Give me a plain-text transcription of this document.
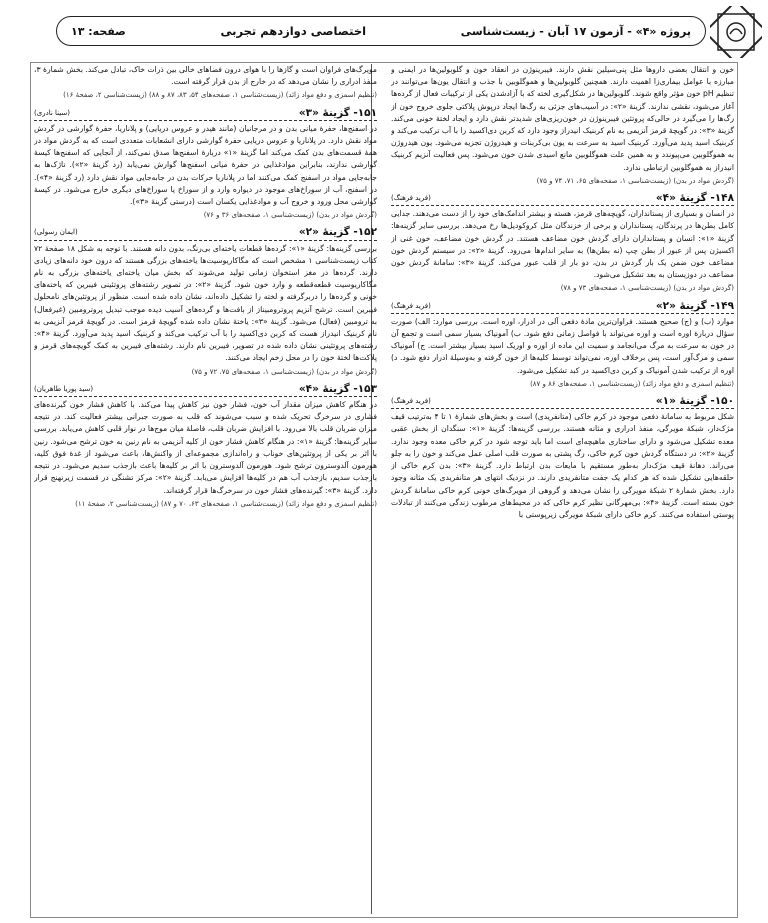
پروژه «۴» - آزمون ۱۷ آبان - زیست‌شناسی
اختصاصی دوازدهم تجربی
صفحه: ۱۳

خون و انتقال بعضی داروها مثل پنی‌سیلین نقش دارند. فیبرینوژن در انعقاد خون و گلوبولین‌ها در ایمنی و مبارزه با عوامل بیماری‌زا اهمیت دارند. همچنین گلوبولین‌ها و هموگلوبین با جذب و انتقال یون‌ها می‌توانند در تنظیم pH خون مؤثر واقع شوند. گلوبولین‌ها در شکل‌گیری لخته که با آزادشدن یکی از ترکیبات فعال از گرده‌ها آغاز می‌شود، نقشی ندارند. گزینهٔ «۲»: در آسیب‌های جزئی به رگ‌ها ایجاد درپوش پلاکتی جلوی خروج خون از رگ‌ها را می‌گیرد در حالی‌که پروتئین فیبرینوژن در خون‌ریزی‌های شدیدتر نقش دارد و ایجاد لختهٔ خونی می‌کند. گزینهٔ «۳»: در گویچهٔ قرمز آنزیمی به نام کربنیک انیدراز وجود دارد که کربن دی‌اکسید را با آب ترکیب می‌کند و کربنیک اسید پدید می‌آورد. کربنیک اسید به سرعت به یون بی‌کربنات و هیدروژن تجزیه می‌شود. یون هیدروژن به هموگلوبین می‌پیوندد و به همین علت هموگلوبین مانع اسیدی شدن خون می‌شود. پس فعالیت آنزیم کربنیک انیدراز به هموگلوبین ارتباطی ندارد.

(گردش مواد در بدن) (زیست‌شناسی ۱، صفحه‌های ۶۵، ۷۱، ۷۴ و ۷۵)
۱۴۸- گزینهٔ «۴»
(فرید فرهنگ)

در انسان و بسیاری از پستانداران، گویچه‌های قرمز، هسته و بیشتر اندامک‌های خود را از دست می‌دهند. جدایی کامل بطن‌ها در پرندگان، پستانداران و برخی از خزندگان مثل کروکودیل‌ها رخ می‌دهد. بررسی سایر گزینه‌ها: گزینهٔ «۱»: انسان و پستانداران دارای گردش خون مضاعف هستند. در گردش خون مضاعف، خون غنی از اکسیژن پس از عبور از بطن چپ (نه بطن‌ها) به سایر اندام‌ها می‌رود. گزینهٔ «۲»: در سیستم گردش خون مضاعف خون ضمن یک بار گردش در بدن، دو بار از قلب عبور می‌کند. گزینهٔ «۳»: سامانهٔ گردش خون مضاعف در دوزیستان به بعد تشکیل می‌شود.

(گردش مواد در بدن) (زیست‌شناسی ۱، صفحه‌های ۷۳ و ۷۸)
۱۴۹- گزینهٔ «۲»
(فرید فرهنگ)

موارد (ب) و (ج) صحیح هستند. فراوان‌ترین مادهٔ دفعی آلی در ادرار، اوره است. بررسی موارد: الف) صورت سؤال دربارهٔ اوره است و اوره می‌تواند با فواصل زمانی دفع شود. ب) آمونیاک بسیار سمی است و تجمع آن در خون به سرعت به مرگ می‌انجامد و سمیت این ماده از اوره و اوریک اسید بسیار بیشتر است. ج) آمونیاک سمی و مرگ‌آور است، پس برخلاف اوره، نمی‌تواند توسط کلیه‌ها از خون گرفته و به‌وسیلهٔ ادرار دفع شود. د) اوره از ترکیب شدن آمونیاک و کربن دی‌اکسید در کبد تشکیل می‌شود.

(تنظیم اسمزی و دفع مواد زائد) (زیست‌شناسی ۱، صفحه‌های ۸۶ و ۸۷)
۱۵۰- گزینهٔ «۱»
(فرید فرهنگ)

شکل مربوط به سامانهٔ دفعی موجود در کرم خاکی (متانفریدی) است و بخش‌های شمارهٔ ۱ تا ۴ به‌ترتیب قیف مژک‌دار، شبکهٔ مویرگی، منفذ ادراری و مثانه هستند. بررسی گزینه‌ها: گزینهٔ «۱»: سنگدان از بخش عقبی معده تشکیل می‌شود و دارای ساختاری ماهیچه‌ای است اما باید توجه شود در کرم خاکی معده وجود ندارد. گزینهٔ «۲»: در دستگاه گردش خون کرم خاکی، رگ پشتی به صورت قلب اصلی عمل می‌کند و خون را به جلو می‌راند. دهانهٔ قیف مژک‌دار به‌طور مستقیم با مایعات بدن ارتباط دارد. گزینهٔ «۳»: بدن کرم خاکی از حلقه‌هایی تشکیل شده که هر کدام یک جفت متانفریدی دارند. در نزدیک انتهای هر متانفریدی یک مثانه وجود دارد. بخش شمارهٔ ۲ شبکهٔ مویرگی را نشان می‌دهد و گروهی از مویرگ‌های خونی کرم خاکی سامانهٔ گردش خون بسته است. گزینهٔ «۴»: بی‌مهرگانی نظیر کرم خاکی که در محیط‌های مرطوب زندگی می‌کنند از تبادلات پوستی استفاده می‌کنند. کرم خاکی دارای شبکهٔ مویرگی زیرپوستی با

مویرگ‌های فراوان است و گازها را با هوای درون فضاهای خالی بین ذرات خاک، تبادل می‌کند. بخش شمارهٔ ۳، منفذ ادراری را نشان می‌دهد که در خارج از بدن قرار گرفته است.

(تنظیم اسمزی و دفع مواد زائد) (زیست‌شناسی ۱، صفحه‌های ۵۴، ۸۳، ۸۷ و ۸۸) (زیست‌شناسی ۲، صفحهٔ ۱۶)
۱۵۱- گزینهٔ «۳»
(سینا نادری)

در اسفنج‌ها، حفرهٔ میانی بدن و در مرجانیان (مانند هیدر و عروس دریایی) و پلاناریا، حفرهٔ گوارشی در گردش مواد نقش دارد. در پلاناریا و عروس دریایی حفرهٔ گوارشی دارای انشعابات متعددی است که به گردش مواد در همهٔ قسمت‌های بدن کمک می‌کند اما گزینهٔ «۱» دربارهٔ اسفنج‌ها صدق نمی‌کند، از آنجایی که اسفنج‌ها کیسهٔ گوارشی ندارند، بنابراین موادغذایی در حفرهٔ میانی اسفنج‌ها گوارش نمی‌یابد (رد گزینهٔ «۲»). تاژک‌ها به جابه‌جایی مواد در اسفنج کمک می‌کنند اما در پلاناریا حرکات بدن در جابه‌جایی مواد نقش دارد (رد گزینهٔ «۴»). در اسفنج، آب از سوراخ‌های موجود در دیواره وارد و از سوراخ یا سوراخ‌های دیگری خارج می‌شود. در کیسهٔ گوارشی محل ورود و خروج آب و موادغذایی یکسان است (درستی گزینهٔ «۳»).

(گردش مواد در بدن) (زیست‌شناسی ۱، صفحه‌های ۳۶ و ۷۶)
۱۵۲- گزینهٔ «۲»
(ایمان رسولی)

بررسی گزینه‌ها: گزینهٔ «۱»: گرده‌ها قطعات یاخته‌ای بی‌رنگ، بدون دانه هستند. با توجه به شکل ۱۸ صفحهٔ ۷۲ کتاب زیست‌شناسی ۱ مشخص است که مگاکاریوسیت‌ها یاخته‌های بزرگی هستند که درون خود دانه‌های زیادی دارند. گرده‌ها در مغز استخوان زمانی تولید می‌شوند که بخش میان یاخته‌ای یاخته‌های بزرگی به نام مگاکاریوسیت قطعه‌قطعه و وارد خون شود. گزینهٔ «۲»: در تصویر رشته‌های پروتئینی فیبرین که یاخته‌های خونی و گرده‌ها را دربرگرفته و لخته را تشکیل داده‌اند، نشان داده شده است. منظور از پروتئین‌های نامحلول فیبرین است. ترشح آنزیم پروترومبیناز از بافت‌ها و گرده‌های آسیب دیده موجب تبدیل پروترومبین (غیرفعال) به ترومبین (فعال) می‌شود. گزینهٔ «۳»: یاختهٔ نشان داده شده گویچهٔ قرمز است. در گویچهٔ قرمز آنزیمی به نام کربنیک انیدراز هست که کربن دی‌اکسید را با آب ترکیب می‌کند و کربنیک اسید پدید می‌آورد. گزینهٔ «۴»: رشته‌های پروتئینی نشان داده شده در تصویر، فیبرین نام دارند. رشته‌های فیبرین به کمک گویچه‌های قرمز و پلاکت‌ها لختهٔ خون را در محل زخم ایجاد می‌کنند.

(گردش مواد در بدن) (زیست‌شناسی ۱، صفحه‌های ۷۵، ۷۲ و ۷۵)
۱۵۳- گزینهٔ «۴»
(سید پوریا طاهریان)

در هنگام کاهش میزان مقدار آب خون، فشار خون نیز کاهش پیدا می‌کند. با کاهش فشار خون گیرنده‌های فشاری در سرخرگ تحریک شده و سبب می‌شوند که قلب به صورت جبرانی بیشتر فعالیت کند. در نتیجه میزان ضربان قلب بالا می‌رود. با افزایش ضربان قلب، فاصلهٔ میان موج‌ها در نوار قلبی کاهش می‌یابد. بررسی سایر گزینه‌ها: گزینهٔ «۱»: در هنگام کاهش فشار خون از کلیه آنزیمی به نام رنین به خون ترشح می‌شود. رنین با اثر بر یکی از پروتئین‌های خوناب و راه‌اندازی مجموعه‌ای از واکنش‌ها، باعث می‌شود از غدهٔ فوق کلیه، هورمون آلدوسترون ترشح شود. هورمون آلدوسترون با اثر بر کلیه‌ها باعث بازجذب سدیم می‌شود. در نتیجه بازجذب سدیم، بازجذب آب هم در کلیه‌ها افزایش می‌یابد. گزینهٔ «۲»: مرکز تشنگی در قسمت زیرنهنج قرار دارد. گزینهٔ «۳»: گیرنده‌های فشار خون در سرخرگ‌ها قرار گرفته‌اند.

(تنظیم اسمزی و دفع مواد زائد) (زیست‌شناسی ۱، صفحه‌های ۶۳، ۷۰ و ۸۷) (زیست‌شناسی ۲، صفحهٔ ۱۱)
